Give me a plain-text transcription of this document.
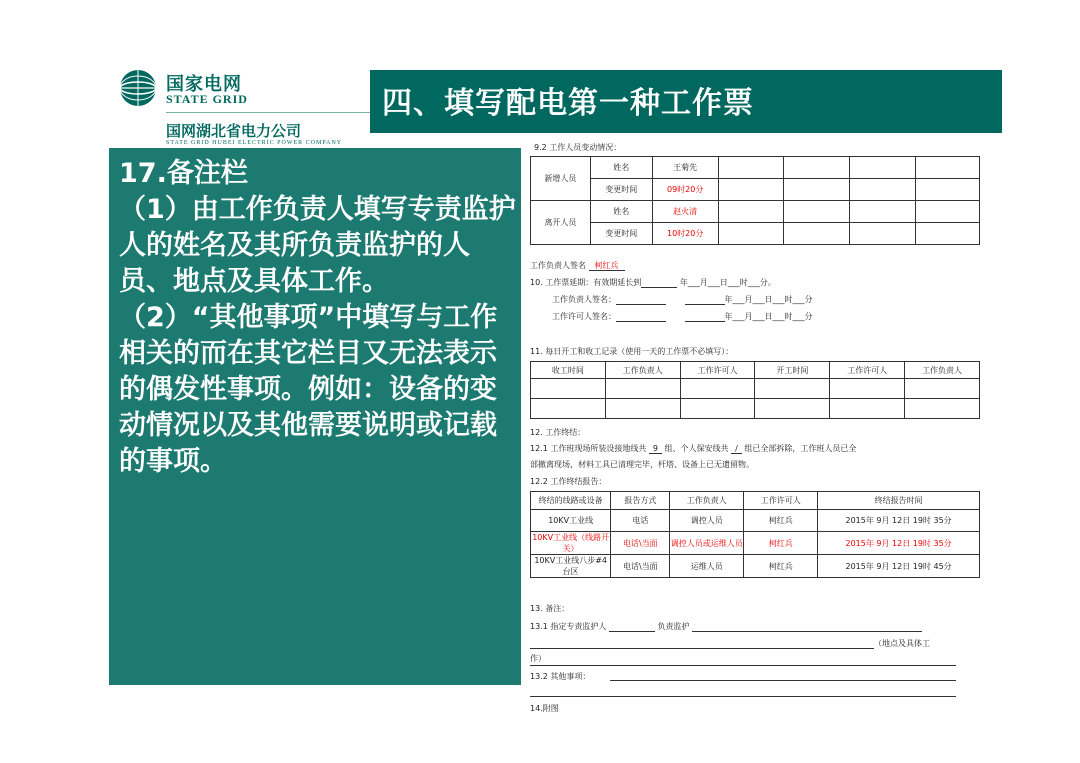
国家电网
STATE GRID
国网湖北省电力公司
STATE GRID HUBEI ELECTRIC POWER COMPANY
四、填写配电第一种工作票

17.备注栏

（1）由工作负责人填写专责监护人的姓名及其所负责监护的人员、地点及具体工作。

（2）“其他事项”中填写与工作相关的而在其它栏目又无法表示的偶发性事项。例如：设备的变动情况以及其他需要说明或记载的事项。

9.2 工作人员变动情况：
新增人员	姓名	王菊先				
	变更时间	09时20分				
离开人员	姓名	赵火清				
	变更时间	10时20分				
工作负责人签名 柯红兵
10. 工作票延期：有效期延长到	年___月___日___时___分。
工作负责人签名：	年___月___日___时___分
工作许可人签名：	年___月___日___时___分
11. 每日开工和收工记录（使用一天的工作票不必填写）：
收工时间	工作负责人	工作许可人	开工时间	工作许可人	工作负责人

12. 工作终结：
12.1 工作班现场所装设接地线共 9 组、个人保安线共 / 组已全部拆除，工作班人员已全
部撤离现场，材料工具已清理完毕，杆塔、设备上已无遗留物。
12.2 工作终结报告：
终结的线路或设备	报告方式	工作负责人	工作许可人	终结报告时间
10KV工业线	电话	调控人员	柯红兵	2015年 9月 12日 19时 35分
10KV工业线（线路开关）	电话\当面	调控人员或运维人员	柯红兵	2015年 9月 12日 19时 35分
10KV工业线八步#4台区	电话\当面	运维人员	柯红兵	2015年 9月 12日 19时 45分
13. 备注：
13.1 指定专责监护人	负责监护
（地点及具体工
作）
13.2 其他事项：
14.附图
